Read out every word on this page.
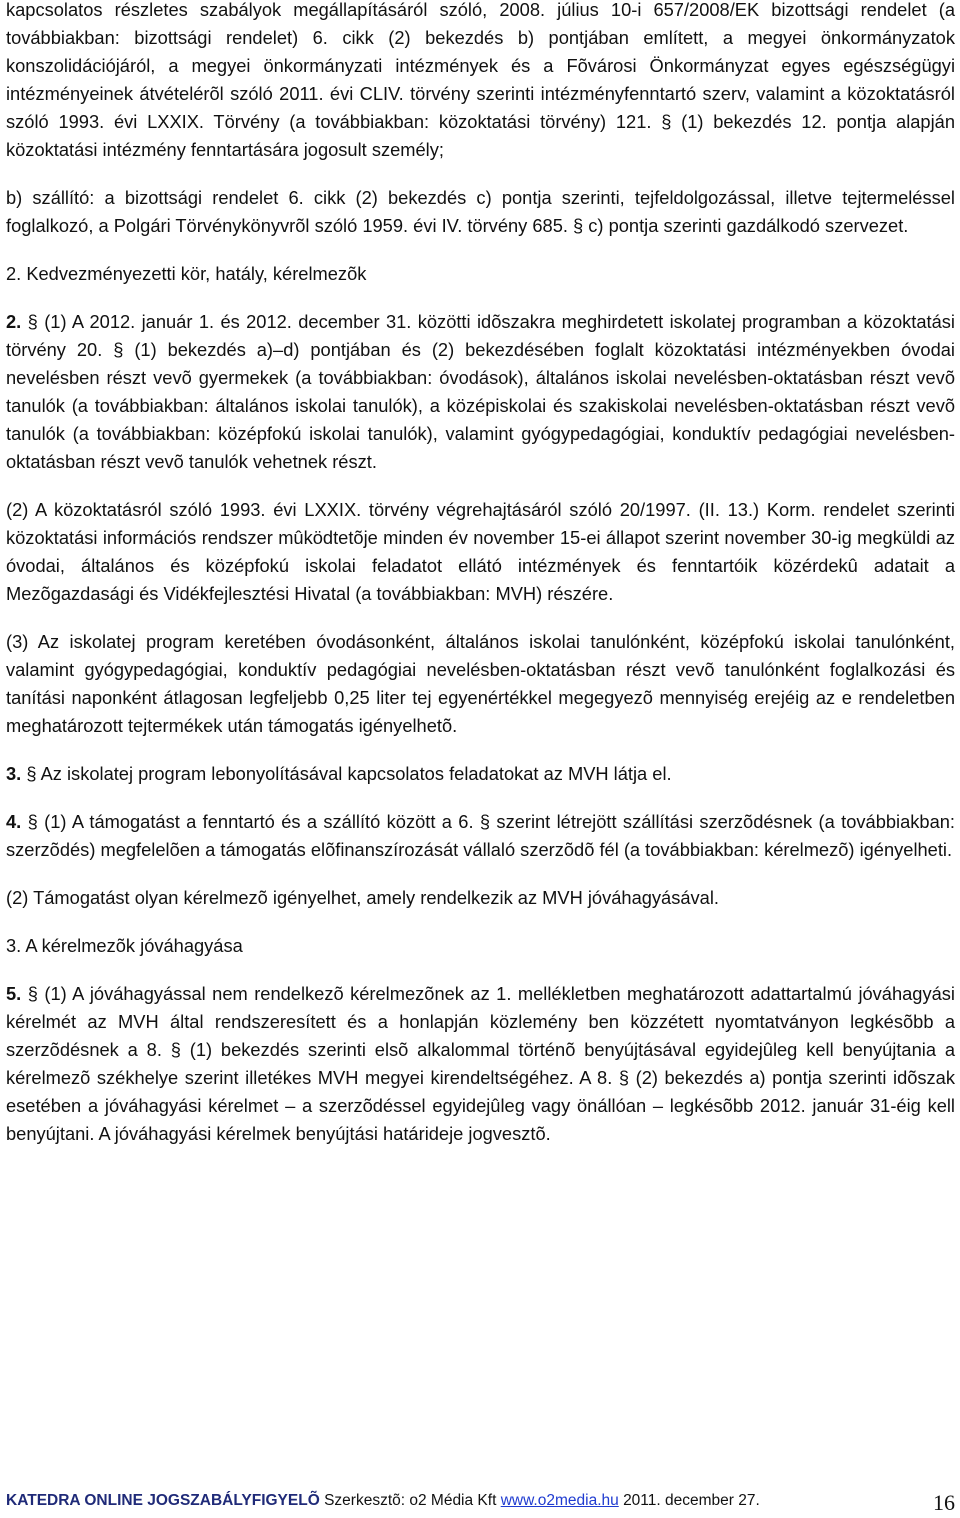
kapcsolatos részletes szabályok megállapításáról szóló, 2008. július 10-i 657/2008/EK bizottsági rendelet (a továbbiakban: bizottsági rendelet) 6. cikk (2) bekezdés b) pontjában említett, a megyei önkormányzatok konszolidációjáról, a megyei önkormányzati intézmények és a Fõvárosi Önkormányzat egyes egészségügyi intézményeinek átvételérõl szóló 2011. évi CLIV. törvény szerinti intézményfenntartó szerv, valamint a közoktatásról szóló 1993. évi LXXIX. Törvény (a továbbiakban: közoktatási törvény) 121. § (1) bekezdés 12. pontja alapján közoktatási intézmény fenntartására jogosult személy;

b) szállító: a bizottsági rendelet 6. cikk (2) bekezdés c) pontja szerinti, tejfeldolgozással, illetve tejtermeléssel foglalkozó, a Polgári Törvénykönyvrõl szóló 1959. évi IV. törvény 685. § c) pontja szerinti gazdálkodó szervezet.

2. Kedvezményezetti kör, hatály, kérelmezõk

2. § (1) A 2012. január 1. és 2012. december 31. közötti idõszakra meghirdetett iskolatej programban a közoktatási törvény 20. § (1) bekezdés a)–d) pontjában és (2) bekezdésében foglalt közoktatási intézményekben óvodai nevelésben részt vevõ gyermekek (a továbbiakban: óvodások), általános iskolai nevelésben-oktatásban részt vevõ tanulók (a továbbiakban: általános iskolai tanulók), a középiskolai és szakiskolai nevelésben-oktatásban részt vevõ tanulók (a továbbiakban: középfokú iskolai tanulók), valamint gyógypedagógiai, konduktív pedagógiai nevelésben-oktatásban részt vevõ tanulók vehetnek részt.

(2) A közoktatásról szóló 1993. évi LXXIX. törvény végrehajtásáról szóló 20/1997. (II. 13.) Korm. rendelet szerinti közoktatási információs rendszer mûködtetõje minden év november 15-ei állapot szerint november 30-ig megküldi az óvodai, általános és középfokú iskolai feladatot ellátó intézmények és fenntartóik közérdekû adatait a Mezõgazdasági és Vidékfejlesztési Hivatal (a továbbiakban: MVH) részére.

(3) Az iskolatej program keretében óvodásonként, általános iskolai tanulónként, középfokú iskolai tanulónként, valamint gyógypedagógiai, konduktív pedagógiai nevelésben-oktatásban részt vevõ tanulónként foglalkozási és tanítási naponként átlagosan legfeljebb 0,25 liter tej egyenértékkel megegyezõ mennyiség erejéig az e rendeletben meghatározott tejtermékek után támogatás igényelhetõ.

3. § Az iskolatej program lebonyolításával kapcsolatos feladatokat az MVH látja el.

4. § (1) A támogatást a fenntartó és a szállító között a 6. § szerint létrejött szállítási szerzõdésnek (a továbbiakban: szerzõdés) megfelelõen a támogatás elõfinanszírozását vállaló szerzõdõ fél (a továbbiakban: kérelmezõ) igényelheti.

(2) Támogatást olyan kérelmezõ igényelhet, amely rendelkezik az MVH jóváhagyásával.

3. A kérelmezõk jóváhagyása

5. § (1) A jóváhagyással nem rendelkezõ kérelmezõnek az 1. mellékletben meghatározott adattartalmú jóváhagyási kérelmét az MVH által rendszeresített és a honlapján közlemény ben közzétett nyomtatványon legkésõbb a szerzõdésnek a 8. § (1) bekezdés szerinti elsõ alkalommal történõ benyújtásával egyidejûleg kell benyújtania a kérelmezõ székhelye szerint illetékes MVH megyei kirendeltségéhez. A 8. § (2) bekezdés a) pontja szerinti idõszak esetében a jóváhagyási kérelmet – a szerzõdéssel egyidejûleg vagy önállóan – legkésõbb 2012. január 31-éig kell benyújtani. A jóváhagyási kérelmek benyújtási határideje jogvesztõ.

KATEDRA ONLINE JOGSZABÁLYFIGYELÕ Szerkesztõ: o2 Média Kft www.o2media.hu 2011. december 27.	16
